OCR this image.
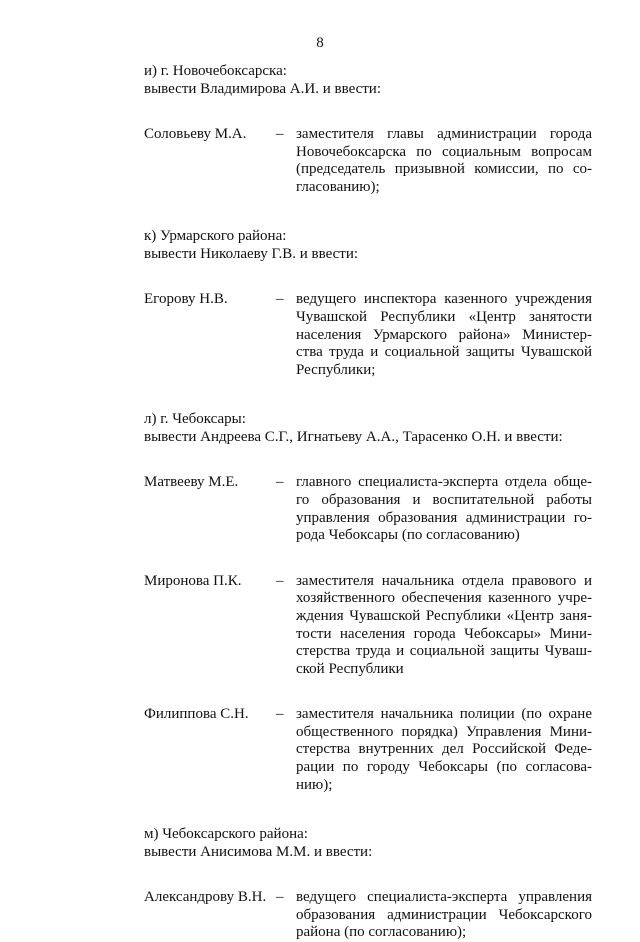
8
и) г. Новочебоксарска:
вывести Владимирова А.И. и ввести:
Соловьеву М.А. – заместителя главы администрации города
Новочебоксарска по социальным вопросам
(председатель призывной комиссии, по со-
гласованию);
к) Урмарского района:
вывести Николаеву Г.В. и ввести:
Егорову Н.В.	– ведущего инспектора казенного учреждения
Чувашской Республики «Центр занятости
населения Урмарского района» Министер-
ства труда и социальной защиты Чувашской
Республики;
л) г. Чебоксары:
вывести Андреева С.Г., Игнатьеву А.А., Тарасенко О.Н. и ввести:
Матвееву М.Е.	– главного специалиста-эксперта отдела обще-
го образования и воспитательной работы
управления образования администрации го-
рода Чебоксары (по согласованию)
Миронова П.К. – заместителя начальника отдела правового и
хозяйственного обеспечения казенного учре-
ждения Чувашской Республики «Центр заня-
тости населения города Чебоксары» Мини-
стерства труда и социальной защиты Чуваш-
ской Республики
Филиппова С.Н. – заместителя начальника полиции (по охране
общественного порядка) Управления Мини-
стерства внутренних дел Российской Феде-
рации по городу Чебоксары (по согласова-
нию);
м) Чебоксарского района:
вывести Анисимова М.М. и ввести:
Александрову В.Н. – ведущего специалиста-эксперта управления
образования администрации Чебоксарского
района (по согласованию);
